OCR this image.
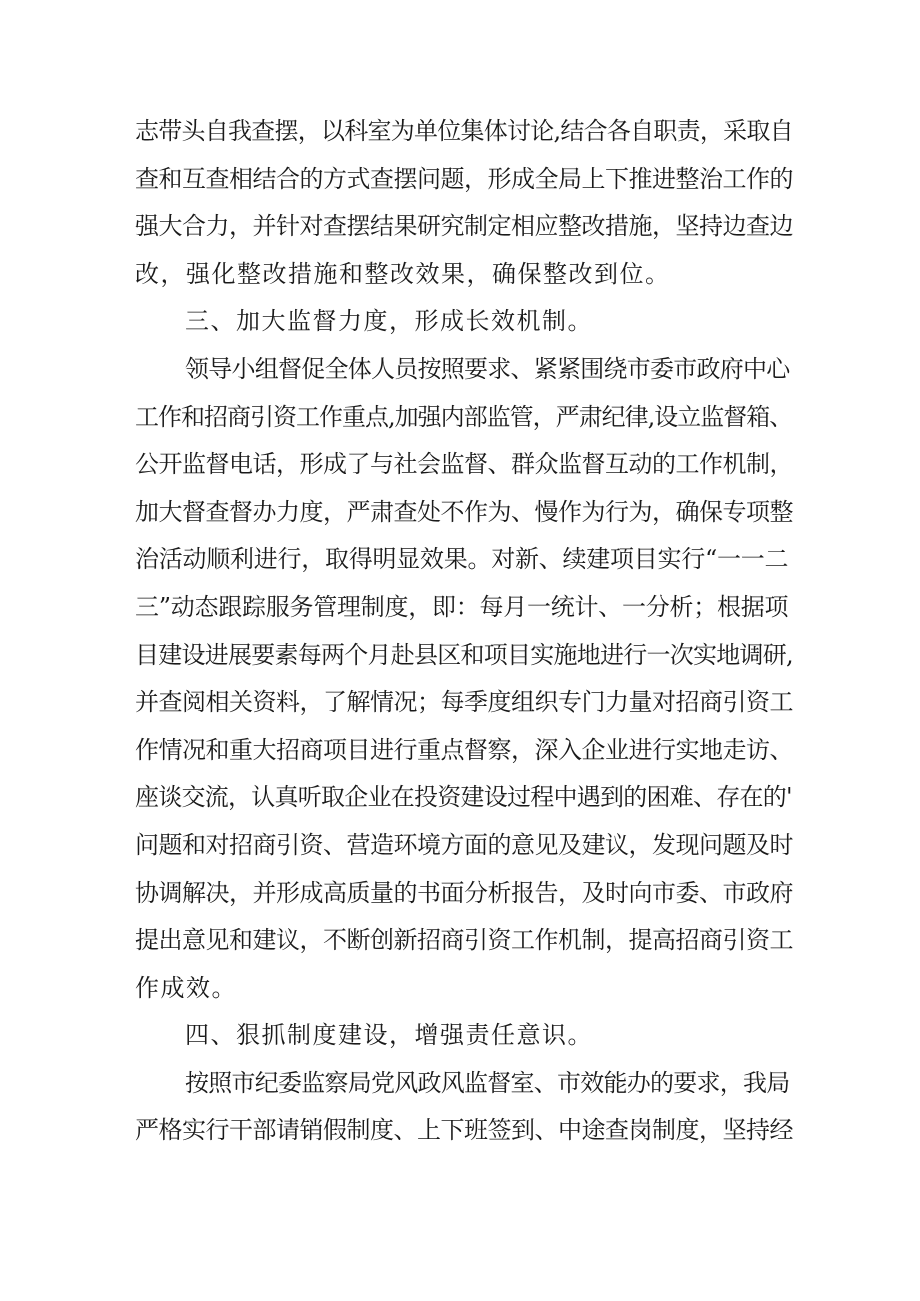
志带头自我查摆，以科室为单位集体讨论,结合各自职责，采取自
查和互查相结合的方式查摆问题，形成全局上下推进整治工作的
强大合力，并针对查摆结果研究制定相应整改措施，坚持边查边
改，强化整改措施和整改效果，确保整改到位。
三、加大监督力度，形成长效机制。
领导小组督促全体人员按照要求、紧紧围绕市委市政府中心
工作和招商引资工作重点,加强内部监管，严肃纪律,设立监督箱、
公开监督电话，形成了与社会监督、群众监督互动的工作机制，
加大督查督办力度，严肃查处不作为、慢作为行为，确保专项整
治活动顺利进行，取得明显效果。对新、续建项目实行“一一二
三”动态跟踪服务管理制度，即：每月一统计、一分析；根据项
目建设进展要素每两个月赴县区和项目实施地进行一次实地调研,
并查阅相关资料，了解情况；每季度组织专门力量对招商引资工
作情况和重大招商项目进行重点督察，深入企业进行实地走访、
座谈交流，认真听取企业在投资建设过程中遇到的困难、存在的'
问题和对招商引资、营造环境方面的意见及建议，发现问题及时
协调解决，并形成高质量的书面分析报告，及时向市委、市政府
提出意见和建议，不断创新招商引资工作机制，提高招商引资工
作成效。
四、狠抓制度建设，增强责任意识。
按照市纪委监察局党风政风监督室、市效能办的要求，我局
严格实行干部请销假制度、上下班签到、中途查岗制度，坚持经
